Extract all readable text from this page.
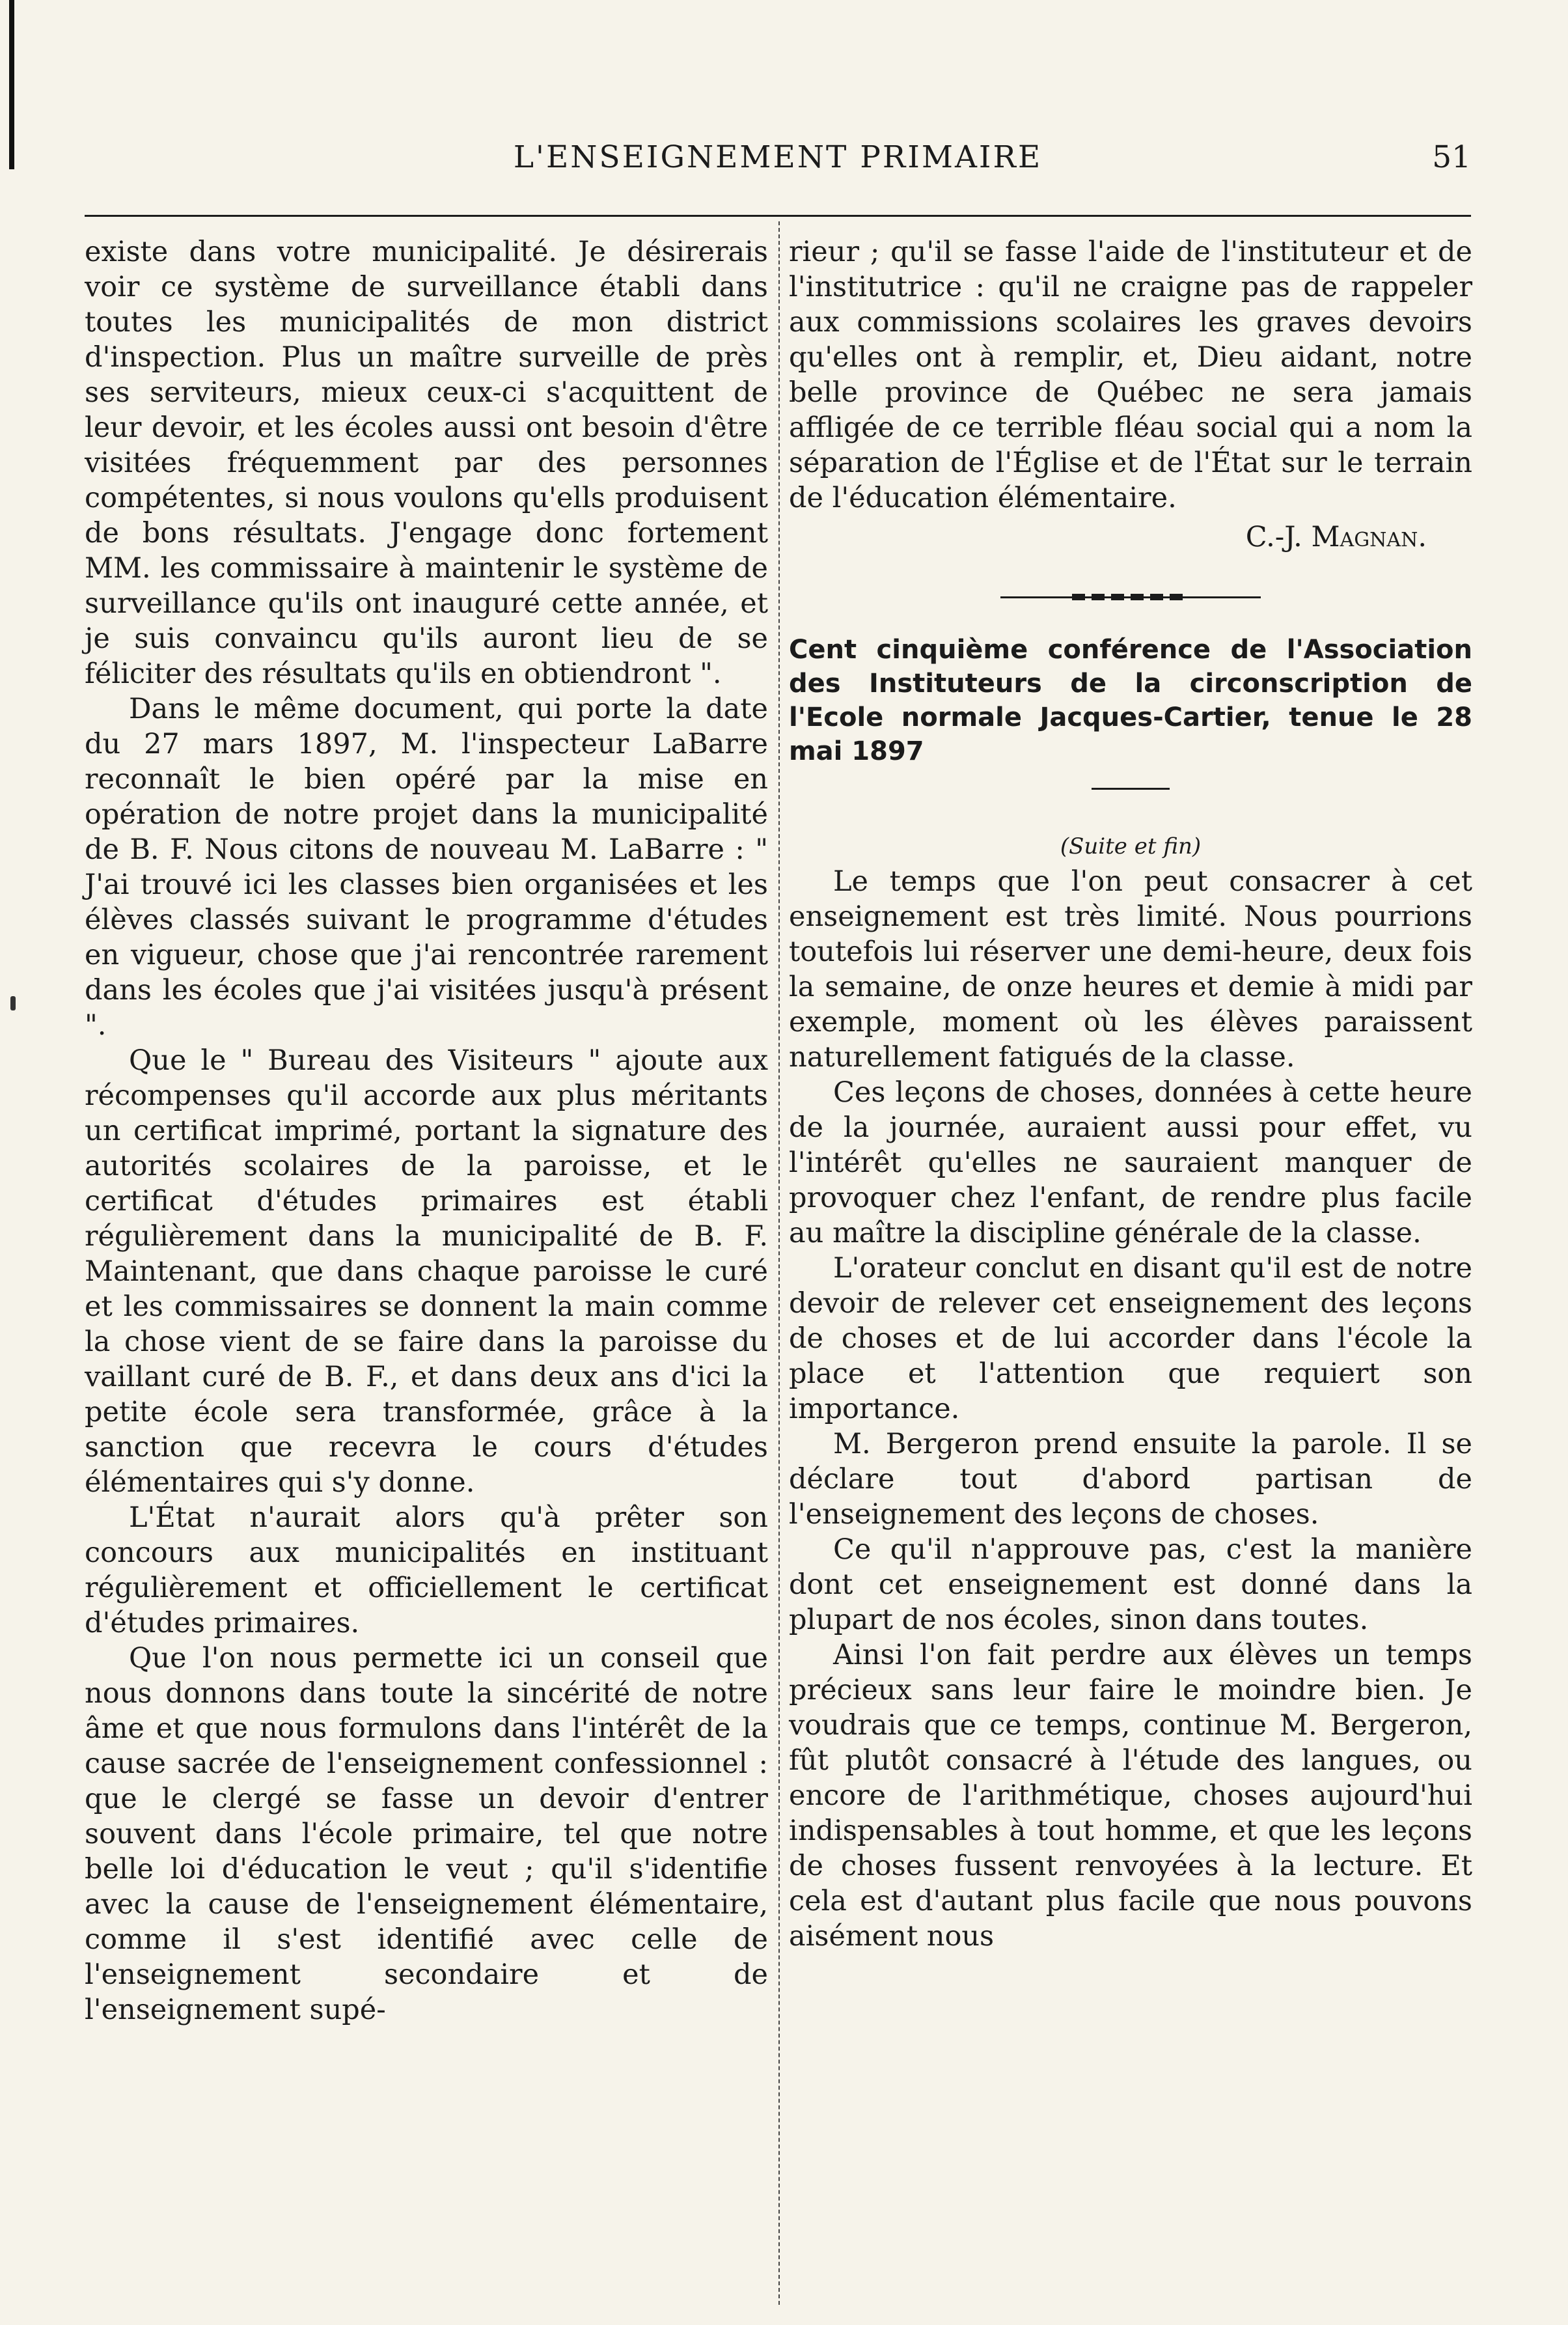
L'ENSEIGNEMENT PRIMAIRE	51

existe dans votre municipalité. Je désirerais voir ce système de surveillance établi dans toutes les municipalités de mon district d'inspection. Plus un maître surveille de près ses serviteurs, mieux ceux-ci s'acquittent de leur devoir, et les écoles aussi ont besoin d'être visitées fréquemment par des personnes compétentes, si nous voulons qu'ells produisent de bons résultats. J'engage donc fortement MM. les commissaire à maintenir le système de surveillance qu'ils ont inauguré cette année, et je suis convaincu qu'ils auront lieu de se féliciter des résultats qu'ils en obtiendront ".

Dans le même document, qui porte la date du 27 mars 1897, M. l'inspecteur LaBarre reconnaît le bien opéré par la mise en opération de notre projet dans la municipalité de B. F. Nous citons de nouveau M. LaBarre : " J'ai trouvé ici les classes bien organisées et les élèves classés suivant le programme d'études en vigueur, chose que j'ai rencontrée rarement dans les écoles que j'ai visitées jusqu'à présent ".

Que le " Bureau des Visiteurs " ajoute aux récompenses qu'il accorde aux plus méritants un certificat imprimé, portant la signature des autorités scolaires de la paroisse, et le certificat d'études primaires est établi régulièrement dans la municipalité de B. F. Maintenant, que dans chaque paroisse le curé et les commissaires se donnent la main comme la chose vient de se faire dans la paroisse du vaillant curé de B. F., et dans deux ans d'ici la petite école sera transformée, grâce à la sanction que recevra le cours d'études élémentaires qui s'y donne.

L'État n'aurait alors qu'à prêter son concours aux municipalités en instituant régulièrement et officiellement le certificat d'études primaires.

Que l'on nous permette ici un conseil que nous donnons dans toute la sincérité de notre âme et que nous formulons dans l'intérêt de la cause sacrée de l'enseignement confessionnel : que le clergé se fasse un devoir d'entrer souvent dans l'école primaire, tel que notre belle loi d'éducation le veut ; qu'il s'identifie avec la cause de l'enseignement élémentaire, comme il s'est identifié avec celle de l'enseignement secondaire et de l'enseignement supé-

rieur ; qu'il se fasse l'aide de l'instituteur et de l'institutrice : qu'il ne craigne pas de rappeler aux commissions scolaires les graves devoirs qu'elles ont à remplir, et, Dieu aidant, notre belle province de Québec ne sera jamais affligée de ce terrible fléau social qui a nom la séparation de l'Église et de l'État sur le terrain de l'éducation élémentaire.

C.-J. Magnan.

Cent cinquième conférence de l'Association des Instituteurs de la circonscription de l'Ecole normale Jacques-Cartier, tenue le 28 mai 1897

(Suite et fin)

Le temps que l'on peut consacrer à cet enseignement est très limité. Nous pourrions toutefois lui réserver une demi-heure, deux fois la semaine, de onze heures et demie à midi par exemple, moment où les élèves paraissent naturellement fatigués de la classe.

Ces leçons de choses, données à cette heure de la journée, auraient aussi pour effet, vu l'intérêt qu'elles ne sauraient manquer de provoquer chez l'enfant, de rendre plus facile au maître la discipline générale de la classe.

L'orateur conclut en disant qu'il est de notre devoir de relever cet enseignement des leçons de choses et de lui accorder dans l'école la place et l'attention que requiert son importance.

M. Bergeron prend ensuite la parole. Il se déclare tout d'abord partisan de l'enseignement des leçons de choses.

Ce qu'il n'approuve pas, c'est la manière dont cet enseignement est donné dans la plupart de nos écoles, sinon dans toutes.

Ainsi l'on fait perdre aux élèves un temps précieux sans leur faire le moindre bien. Je voudrais que ce temps, continue M. Bergeron, fût plutôt consacré à l'étude des langues, ou encore de l'arithmétique, choses aujourd'hui indispensables à tout homme, et que les leçons de choses fussent renvoyées à la lecture. Et cela est d'autant plus facile que nous pouvons aisément nous
